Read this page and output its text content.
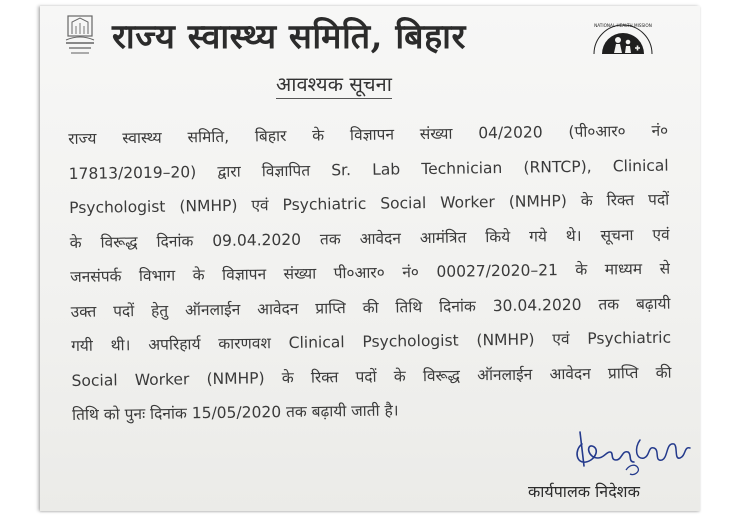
राज्य स्वास्थ्य समिति, बिहार	NATIONAL HEALTH MISSION
आवश्यक सूचना
राज्य स्वास्थ्य समिति, बिहार के विज्ञापन संख्या 04/2020 (पी०आर० नं०
17813/2019–20) द्वारा विज्ञापित Sr. Lab Technician (RNTCP), Clinical
Psychologist (NMHP) एवं Psychiatric Social Worker (NMHP) के रिक्त पदों
के विरूद्ध दिनांक 09.04.2020 तक आवेदन आमंत्रित किये गये थे। सूचना एवं
जनसंपर्क विभाग के विज्ञापन संख्या पी०आर० नं० 00027/2020–21 के माध्यम से
उक्त पदों हेतु ऑनलाईन आवेदन प्राप्ति की तिथि दिनांक 30.04.2020 तक बढ़ायी
गयी थी। अपरिहार्य कारणवश Clinical Psychologist (NMHP) एवं Psychiatric
Social Worker (NMHP) के रिक्त पदों के विरूद्ध ऑनलाईन आवेदन प्राप्ति की
तिथि को पुनः दिनांक 15/05/2020 तक बढ़ायी जाती है।
कार्यपालक निदेशक
